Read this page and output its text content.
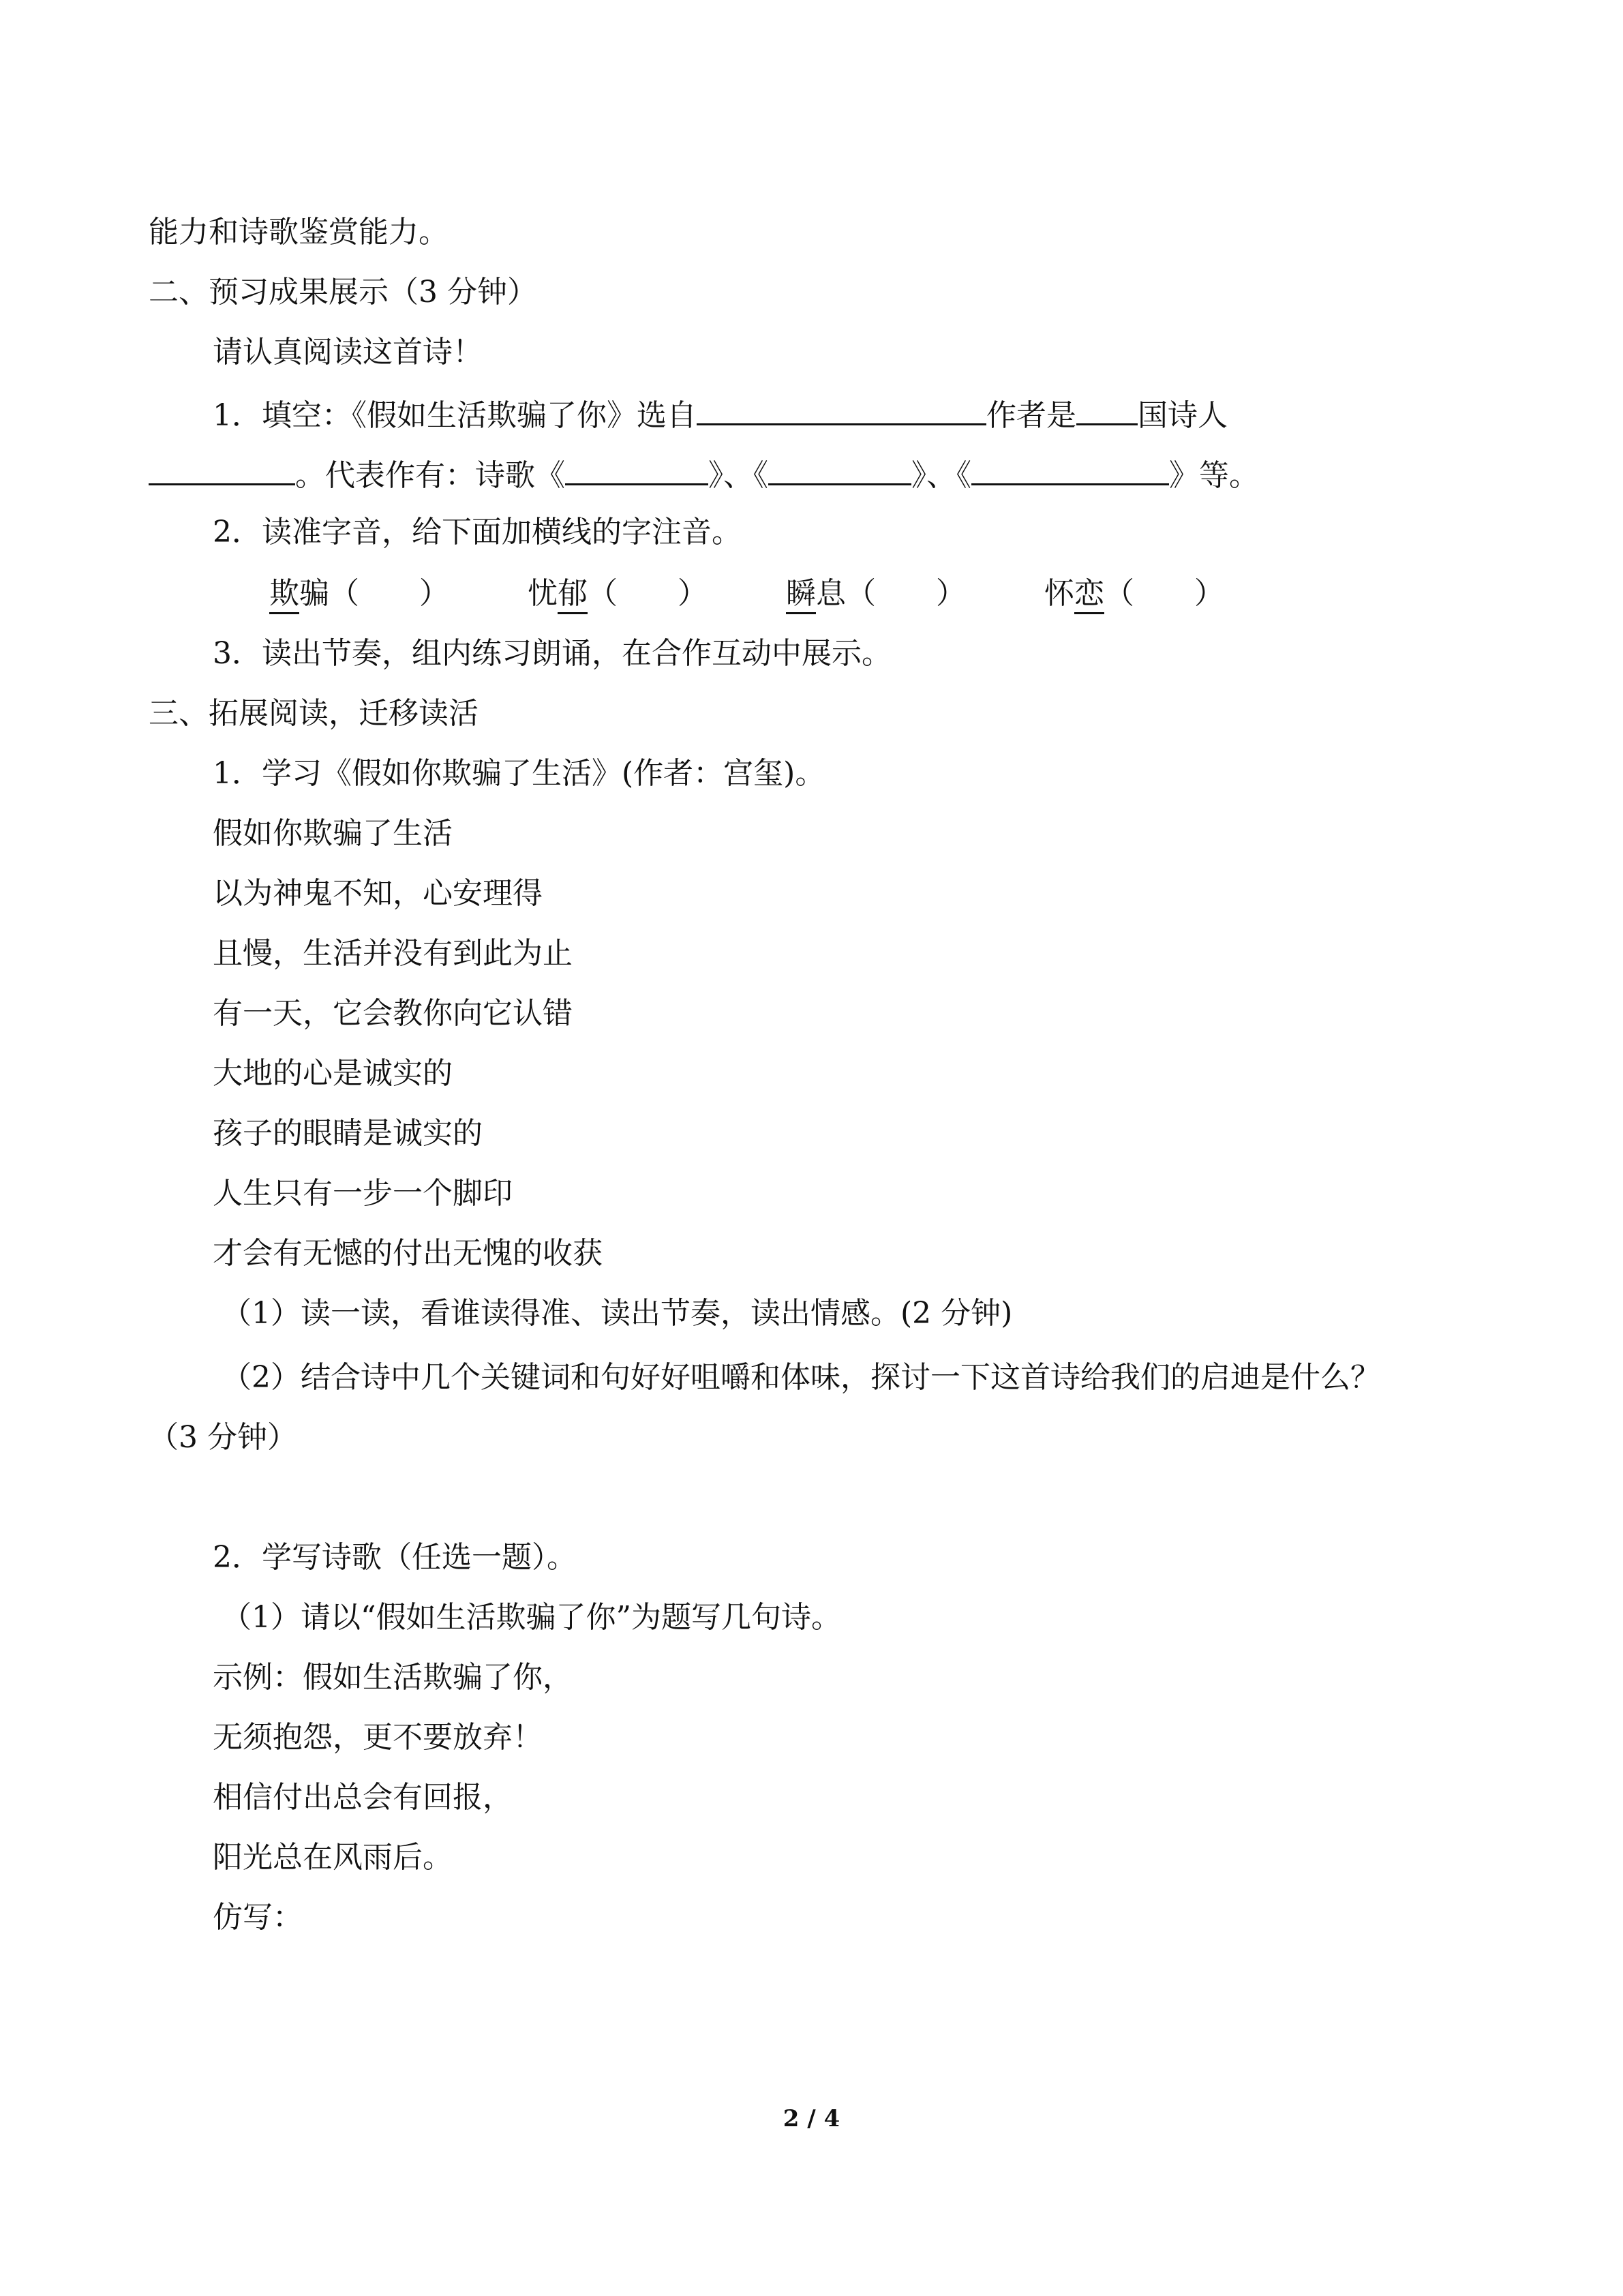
能力和诗歌鉴赏能力。
二、预习成果展示（3 分钟）
请认真阅读这首诗！
1．填空：《假如生活欺骗了你》选自	作者是 国诗人
。代表作有：诗歌《	》、《	》、《	》等。
2．读准字音，给下面加横线的字注音。
欺骗（　　）	忧郁（　　）	瞬息（　　）	怀恋（　　）
3．读出节奏，组内练习朗诵，在合作互动中展示。
三、拓展阅读，迁移读活
1．学习《假如你欺骗了生活》(作者：宫玺)。
假如你欺骗了生活
以为神鬼不知，心安理得
且慢，生活并没有到此为止
有一天，它会教你向它认错
大地的心是诚实的
孩子的眼睛是诚实的
人生只有一步一个脚印
才会有无憾的付出无愧的收获
（1）读一读，看谁读得准、读出节奏，读出情感。(2 分钟)
（2）结合诗中几个关键词和句好好咀嚼和体味，探讨一下这首诗给我们的启迪是什么？
（3 分钟）
2．学写诗歌（任选一题）。
（1）请以“假如生活欺骗了你”为题写几句诗。
示例：假如生活欺骗了你，
无须抱怨，更不要放弃！
相信付出总会有回报，
阳光总在风雨后。
仿写：
2 / 4
